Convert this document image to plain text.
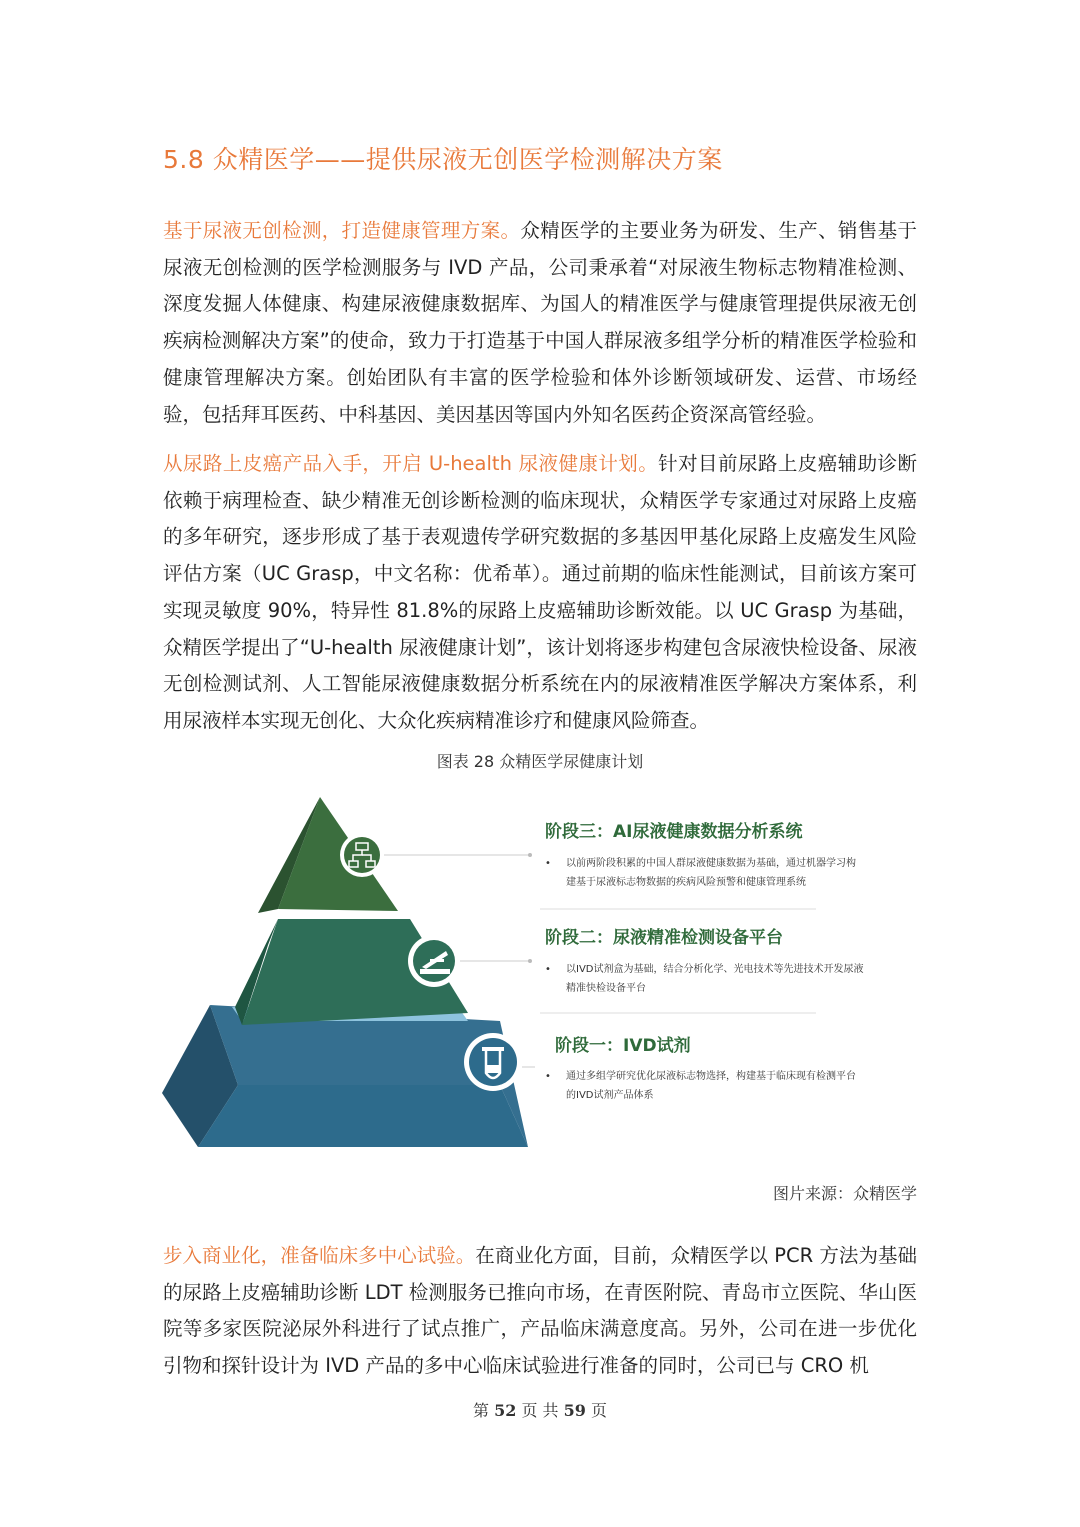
5.8 众精医学——提供尿液无创医学检测解决方案

基于尿液无创检测，打造健康管理方案。众精医学的主要业务为研发、生产、销售基于尿液无创检测的医学检测服务与 IVD 产品，公司秉承着“对尿液生物标志物精准检测、深度发掘人体健康、构建尿液健康数据库、为国人的精准医学与健康管理提供尿液无创疾病检测解决方案”的使命，致力于打造基于中国人群尿液多组学分析的精准医学检验和健康管理解决方案。创始团队有丰富的医学检验和体外诊断领域研发、运营、市场经验，包括拜耳医药、中科基因、美因基因等国内外知名医药企资深高管经验。

从尿路上皮癌产品入手，开启 U-health 尿液健康计划。针对目前尿路上皮癌辅助诊断依赖于病理检查、缺少精准无创诊断检测的临床现状，众精医学专家通过对尿路上皮癌的多年研究，逐步形成了基于表观遗传学研究数据的多基因甲基化尿路上皮癌发生风险评估方案（UC Grasp，中文名称：优希革）。通过前期的临床性能测试，目前该方案可实现灵敏度 90%，特异性 81.8%的尿路上皮癌辅助诊断效能。以 UC Grasp 为基础，众精医学提出了“U-health 尿液健康计划”，该计划将逐步构建包含尿液快检设备、尿液无创检测试剂、人工智能尿液健康数据分析系统在内的尿液精准医学解决方案体系，利用尿液样本实现无创化、大众化疾病精准诊疗和健康风险筛查。

图表 28 众精医学尿健康计划
阶段三：AI尿液健康数据分析系统
• 以前两阶段积累的中国人群尿液健康数据为基础，通过机器学习构
建基于尿液标志物数据的疾病风险预警和健康管理系统
阶段二：尿液精准检测设备平台
• 以IVD试剂盒为基础，结合分析化学、光电技术等先进技术开发尿液
精准快检设备平台
阶段一：IVD试剂
• 通过多组学研究优化尿液标志物选择，构建基于临床现有检测平台
的IVD试剂产品体系
图片来源：众精医学

步入商业化，准备临床多中心试验。在商业化方面，目前，众精医学以 PCR 方法为基础的尿路上皮癌辅助诊断 LDT 检测服务已推向市场，在青医附院、青岛市立医院、华山医院等多家医院泌尿外科进行了试点推广，产品临床满意度高。另外，公司在进一步优化引物和探针设计为 IVD 产品的多中心临床试验进行准备的同时，公司已与 CRO 机

第 52 页 共 59 页
